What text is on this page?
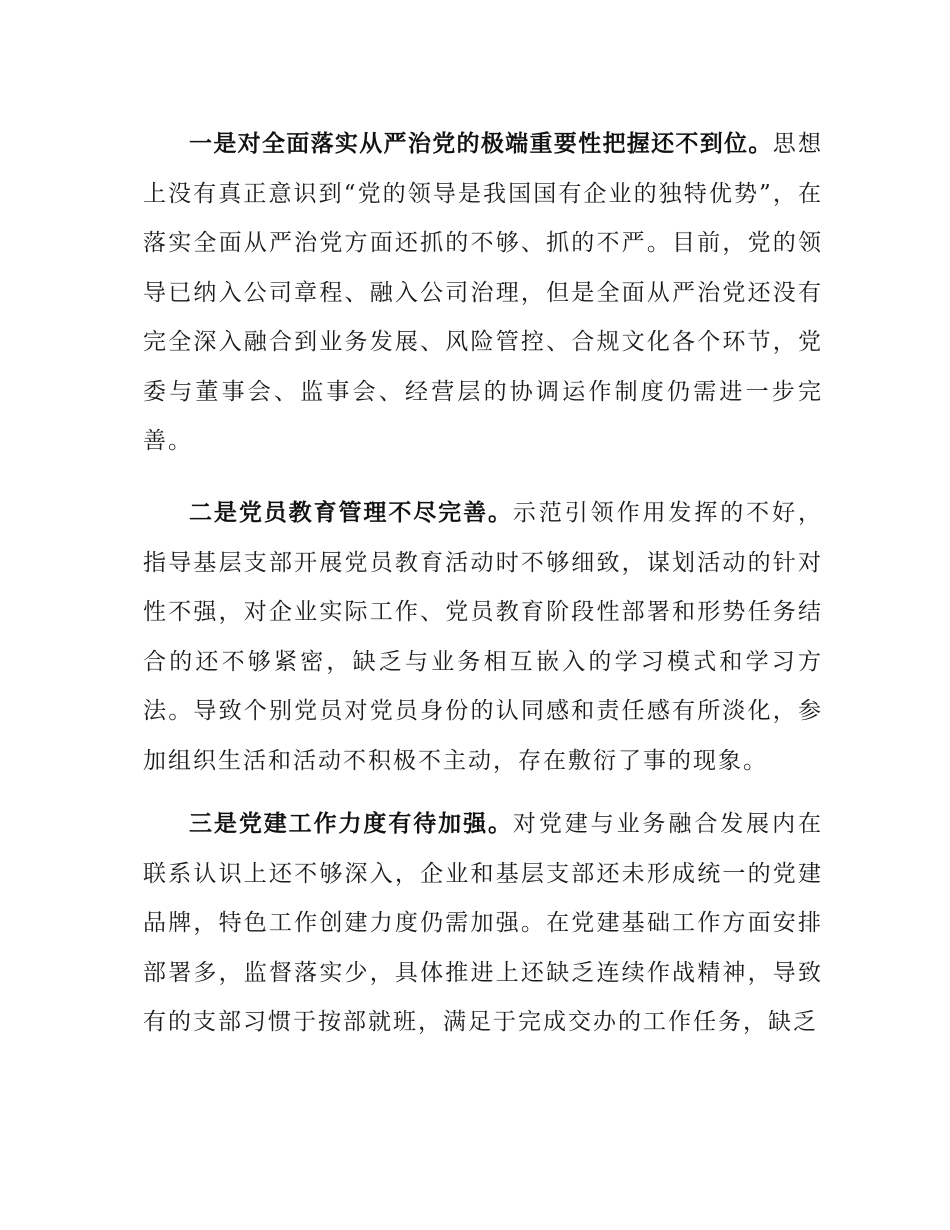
一是对全面落实从严治党的极端重要性把握还不到位。思想上没有真正意识到“党的领导是我国国有企业的独特优势”，在落实全面从严治党方面还抓的不够、抓的不严。目前，党的领导已纳入公司章程、融入公司治理，但是全面从严治党还没有完全深入融合到业务发展、风险管控、合规文化各个环节，党委与董事会、监事会、经营层的协调运作制度仍需进一步完善。

二是党员教育管理不尽完善。示范引领作用发挥的不好，指导基层支部开展党员教育活动时不够细致，谋划活动的针对性不强，对企业实际工作、党员教育阶段性部署和形势任务结合的还不够紧密，缺乏与业务相互嵌入的学习模式和学习方法。导致个别党员对党员身份的认同感和责任感有所淡化，参加组织生活和活动不积极不主动，存在敷衍了事的现象。

三是党建工作力度有待加强。对党建与业务融合发展内在联系认识上还不够深入，企业和基层支部还未形成统一的党建品牌，特色工作创建力度仍需加强。在党建基础工作方面安排部署多，监督落实少，具体推进上还缺乏连续作战精神，导致有的支部习惯于按部就班，满足于完成交办的工作任务，缺乏
